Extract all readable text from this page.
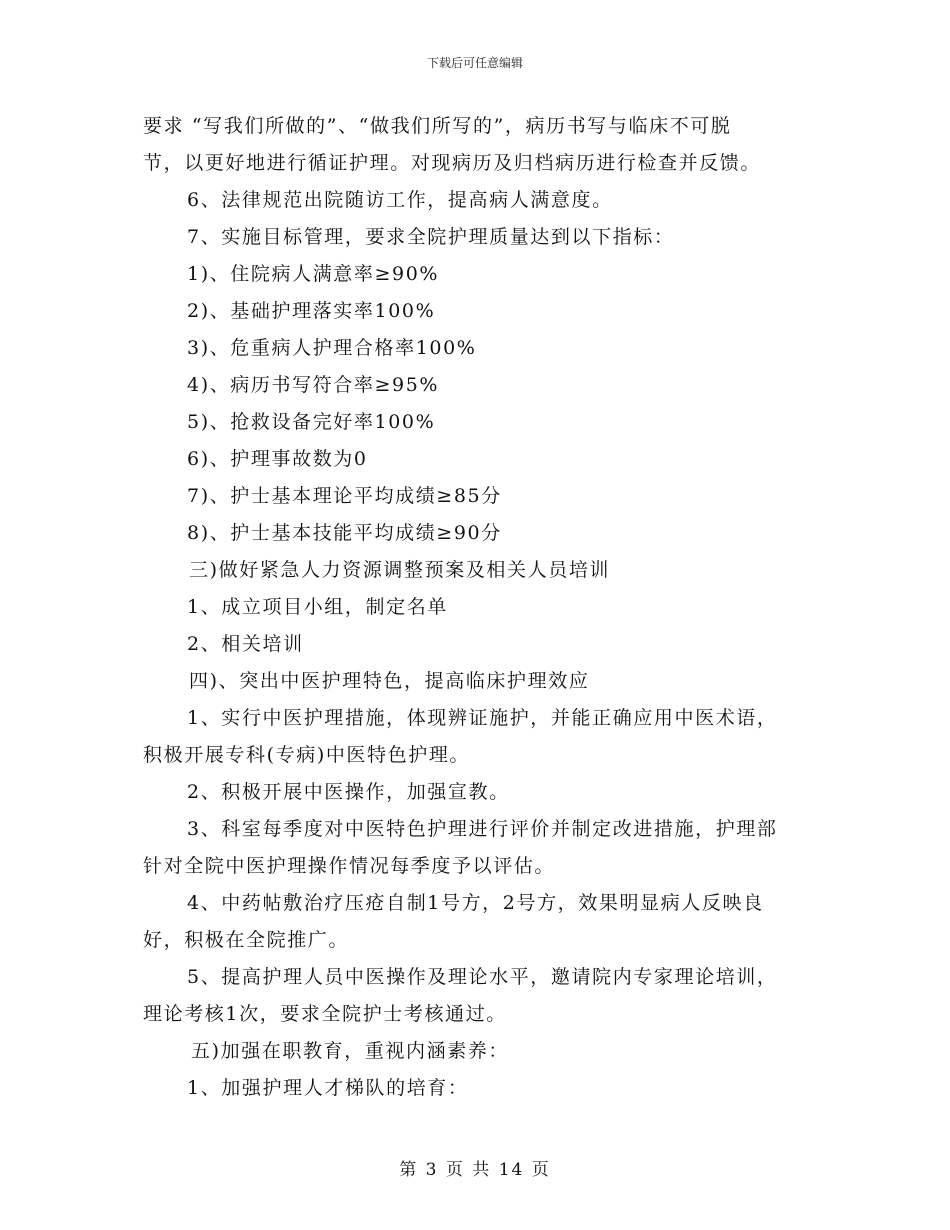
下载后可任意编辑
要求 “写我们所做的”、“做我们所写的”，病历书写与临床不可脱
节，以更好地进行循证护理。对现病历及归档病历进行检查并反馈。
6、法律规范出院随访工作，提高病人满意度。
7、实施目标管理，要求全院护理质量达到以下指标：
1)、住院病人满意率≥90%
2)、基础护理落实率100%
3)、危重病人护理合格率100%
4)、病历书写符合率≥95%
5)、抢救设备完好率100%
6)、护理事故数为0
7)、护士基本理论平均成绩≥85分
8)、护士基本技能平均成绩≥90分
三)做好紧急人力资源调整预案及相关人员培训
1、成立项目小组，制定名单
2、相关培训
四)、突出中医护理特色，提高临床护理效应
1、实行中医护理措施，体现辨证施护，并能正确应用中医术语，
积极开展专科(专病)中医特色护理。
2、积极开展中医操作，加强宣教。
3、科室每季度对中医特色护理进行评价并制定改进措施，护理部
针对全院中医护理操作情况每季度予以评估。
4、中药帖敷治疗压疮自制1号方，2号方，效果明显病人反映良
好，积极在全院推广。
5、提高护理人员中医操作及理论水平，邀请院内专家理论培训，
理论考核1次，要求全院护士考核通过。
五)加强在职教育，重视内涵素养：
1、加强护理人才梯队的培育：
第 3 页 共 14 页
